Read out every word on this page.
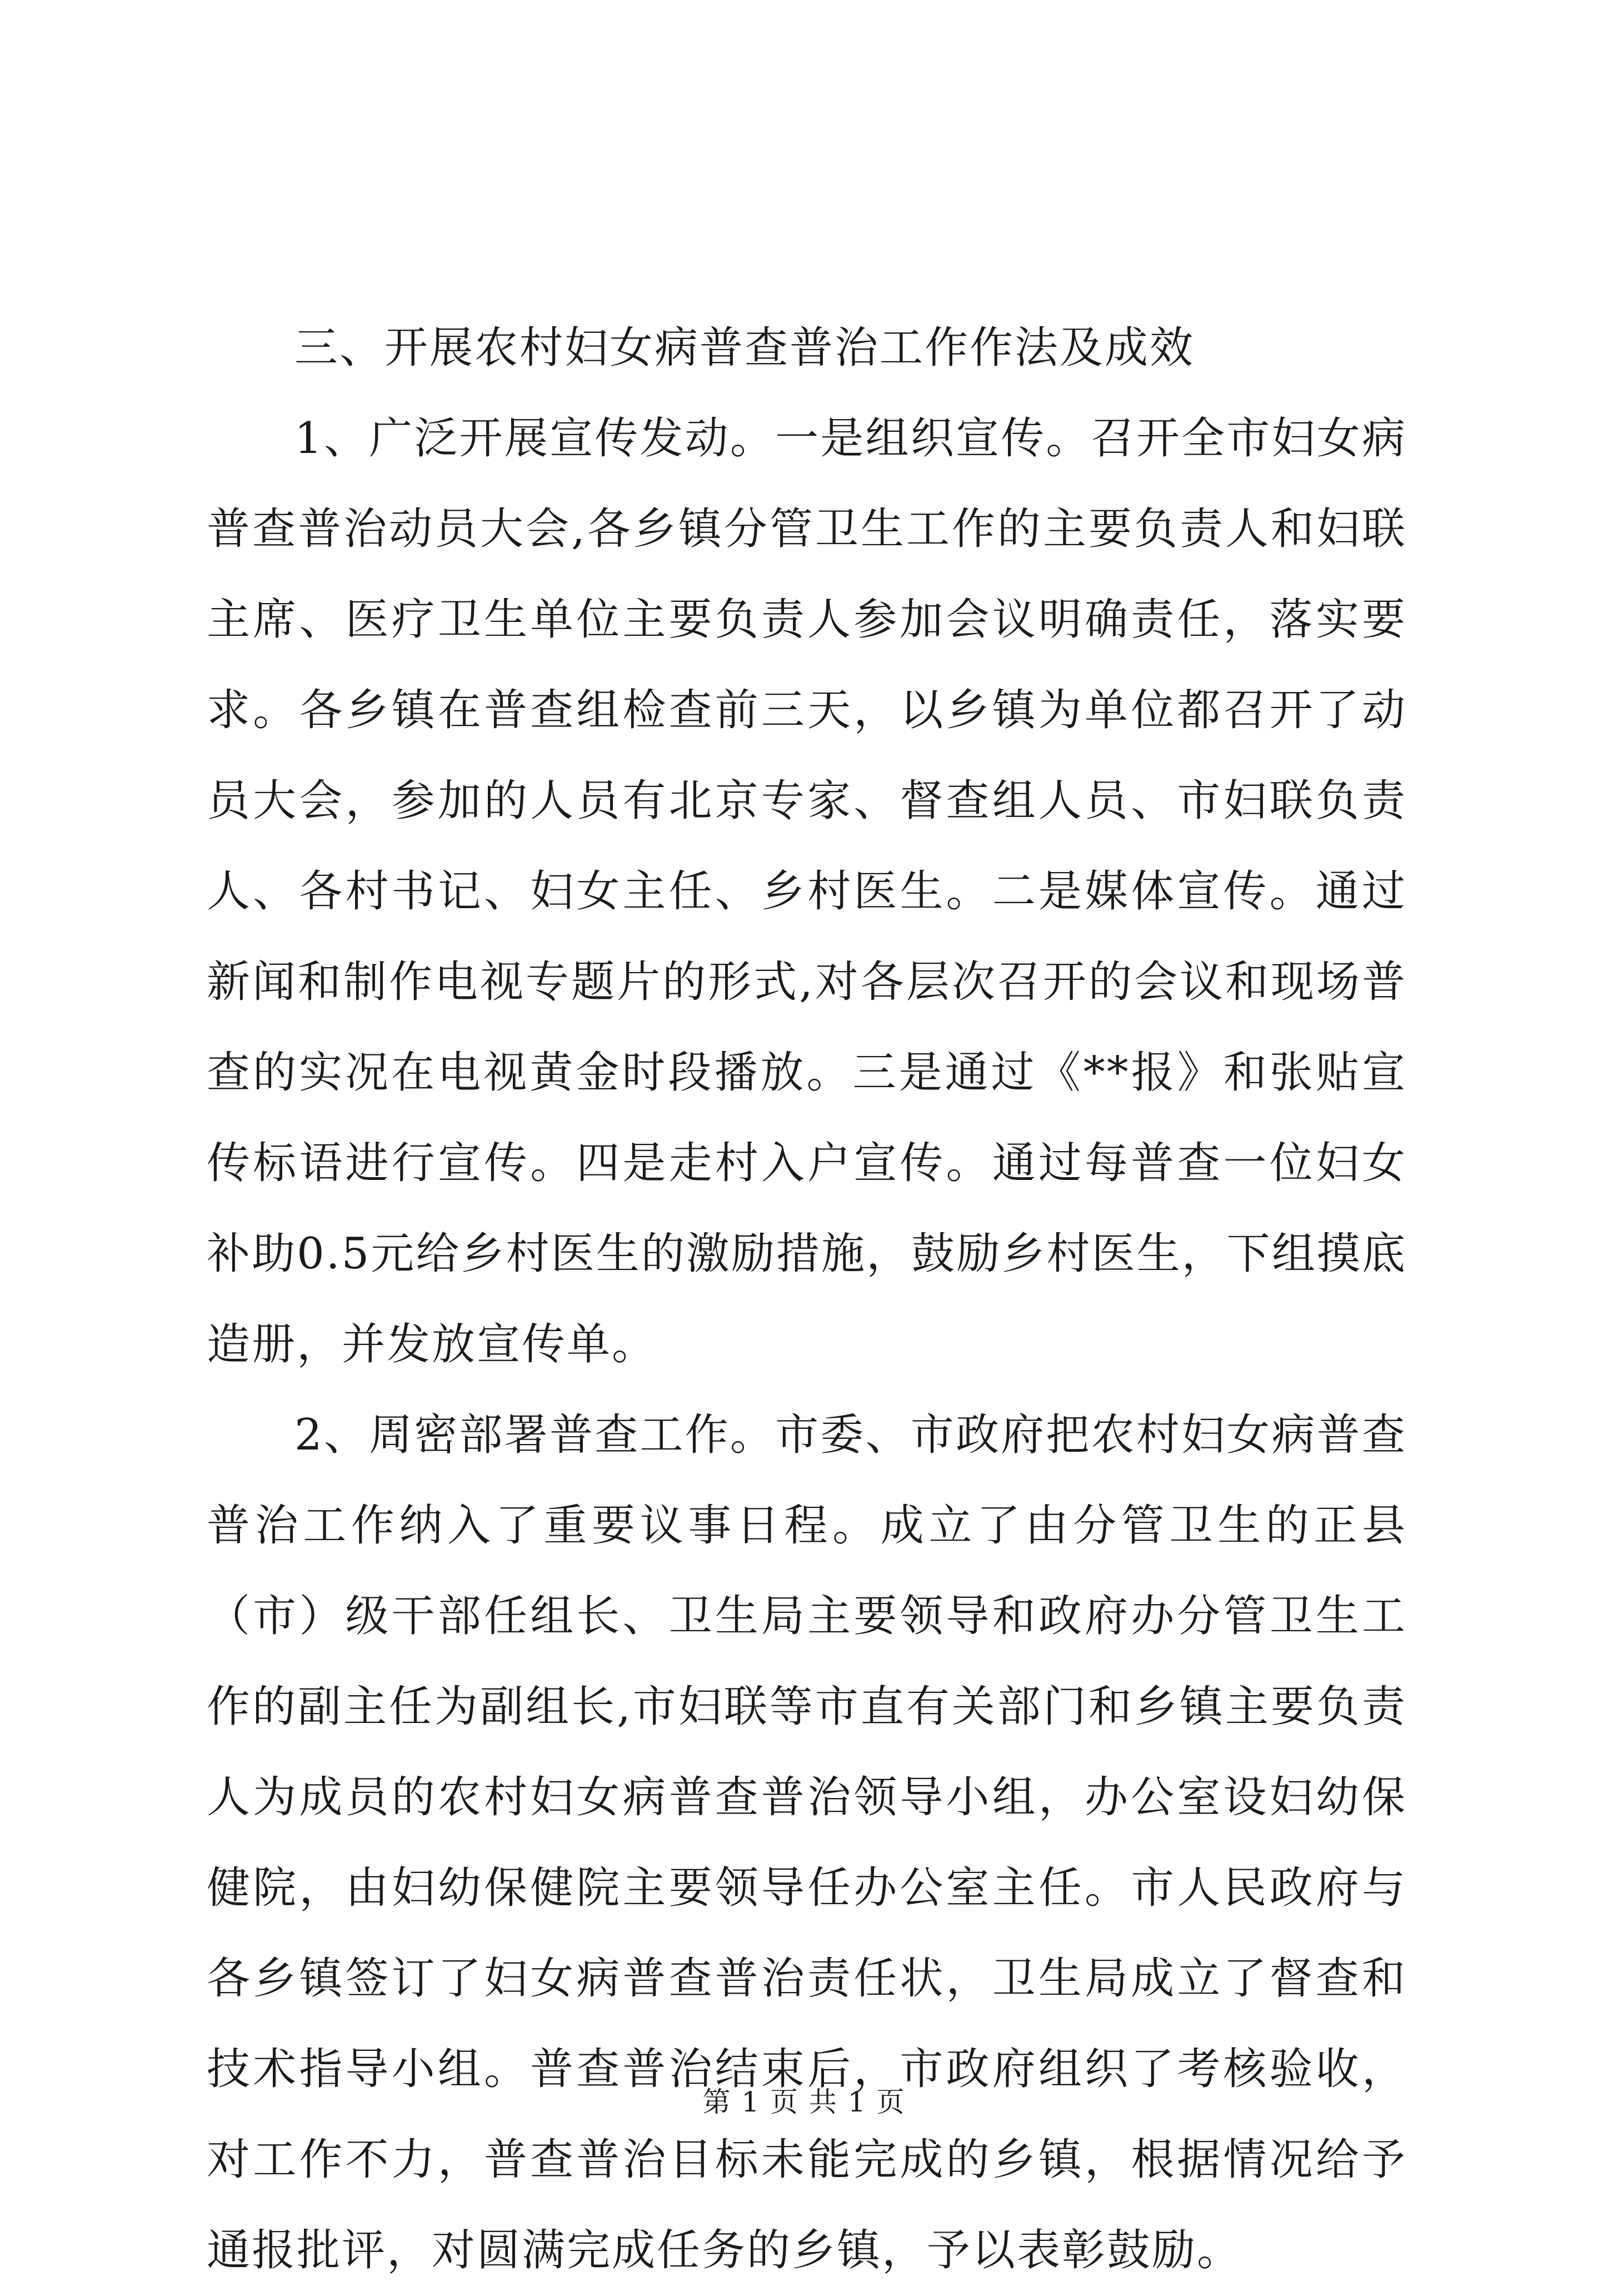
三、开展农村妇女病普查普治工作作法及成效

1、广泛开展宣传发动。一是组织宣传。召开全市妇女病普查普治动员大会,各乡镇分管卫生工作的主要负责人和妇联主席、医疗卫生单位主要负责人参加会议明确责任，落实要求。各乡镇在普查组检查前三天，以乡镇为单位都召开了动员大会，参加的人员有北京专家、督查组人员、市妇联负责人、各村书记、妇女主任、乡村医生。二是媒体宣传。通过新闻和制作电视专题片的形式,对各层次召开的会议和现场普查的实况在电视黄金时段播放。三是通过《**报》和张贴宣传标语进行宣传。四是走村入户宣传。通过每普查一位妇女补助0.5元给乡村医生的激励措施，鼓励乡村医生，下组摸底造册，并发放宣传单。

2、周密部署普查工作。市委、市政府把农村妇女病普查普治工作纳入了重要议事日程。成立了由分管卫生的正县（市）级干部任组长、卫生局主要领导和政府办分管卫生工作的副主任为副组长,市妇联等市直有关部门和乡镇主要负责人为成员的农村妇女病普查普治领导小组，办公室设妇幼保健院，由妇幼保健院主要领导任办公室主任。市人民政府与各乡镇签订了妇女病普查普治责任状，卫生局成立了督查和技术指导小组。普查普治结束后，市政府组织了考核验收，对工作不力，普查普治目标未能完成的乡镇，根据情况给予通报批评，对圆满完成任务的乡镇，予以表彰鼓励。

第 1 页 共 1 页
